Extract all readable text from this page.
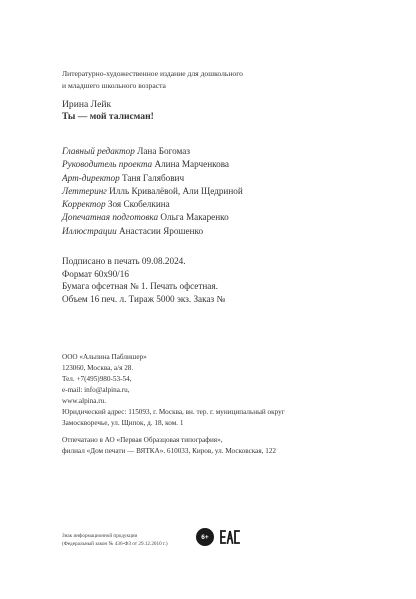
Литературно-художественное издание для дошкольного
и младшего школьного возраста
Ирина Лейк
Ты — мой талисман!
Главный редактор Лана Богомаз
Руководитель проекта Алина Марченкова
Арт-директор Таня Галябович
Леттеринг Илль Кривалёвой, Али Щедриной
Корректор Зоя Скобелкина
Допечатная подготовка Ольга Макаренко
Иллюстрации Анастасии Ярошенко
Подписано в печать 09.08.2024.
Формат 60х90/16
Бумага офсетная № 1. Печать офсетная.
Объем 16 печ. л. Тираж 5000 экз. Заказ №
ООО «Альпина Паблишер»
123060, Москва, а/я 28.
Тел. +7(495)980-53-54,
e-mail: info@alpina.ru,
www.alpina.ru.
Юридический адрес: 115093, г. Москва, вн. тер. г. муниципальный округ
Замоскворечье, ул. Щипок, д. 18, ком. 1
Отпечатано в АО «Первая Образцовая типография»,
филиал «Дом печати — ВЯТКА». 610033, Киров, ул. Московская, 122
Знак информационной продукции
(Федеральный закон № 436-ФЗ от 29.12.2010 г.)
6+
